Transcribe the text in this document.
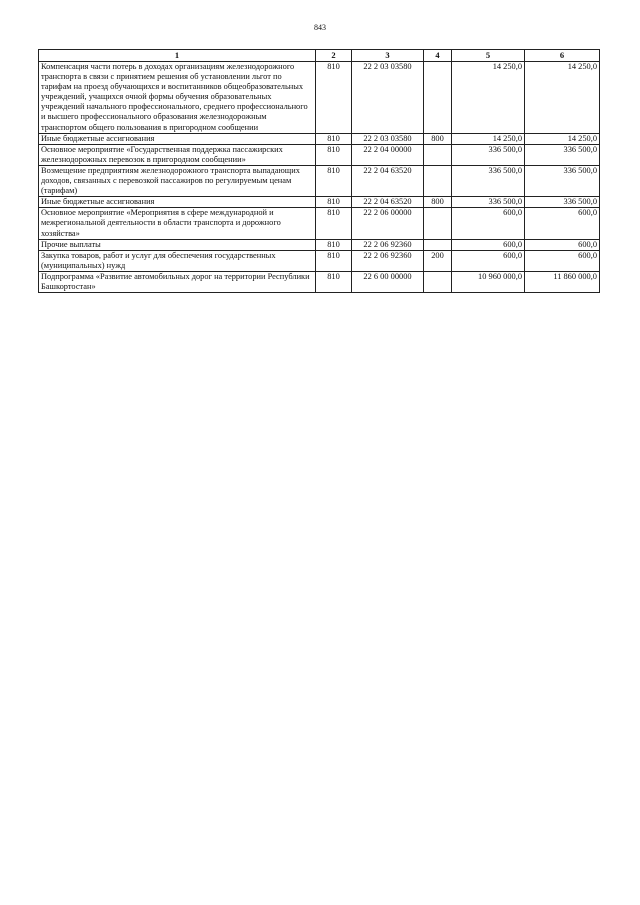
843
1	2	3	4	5	6
Компенсация части потерь в доходах организациям железнодорожного транспорта в связи с принятием решения об установлении льгот по тарифам на проезд обучающихся и воспитанников общеобразовательных учреждений, учащихся очной формы обучения образовательных учреждений начального профессионального, среднего профессионального и высшего профессионального образования железнодорожным транспортом общего пользования в пригородном сообщении	810	22 2 03 03580		14 250,0	14 250,0
Иные бюджетные ассигнования	810	22 2 03 03580	800	14 250,0	14 250,0
Основное мероприятие «Государственная поддержка пассажирских железнодорожных перевозок в пригородном сообщении»	810	22 2 04 00000		336 500,0	336 500,0
Возмещение предприятиям железнодорожного транспорта выпадающих доходов, связанных с перевозкой пассажиров по регулируемым ценам (тарифам)	810	22 2 04 63520		336 500,0	336 500,0
Иные бюджетные ассигнования	810	22 2 04 63520	800	336 500,0	336 500,0
Основное мероприятие «Мероприятия в сфере международной и межрегиональной деятельности в области транспорта и дорожного хозяйства»	810	22 2 06 00000		600,0	600,0
Прочие выплаты	810	22 2 06 92360		600,0	600,0
Закупка товаров, работ и услуг для обеспечения государственных (муниципальных) нужд	810	22 2 06 92360	200	600,0	600,0
Подпрограмма «Развитие автомобильных дорог на территории Республики Башкортостан»	810	22 6 00 00000		10 960 000,0	11 860 000,0
